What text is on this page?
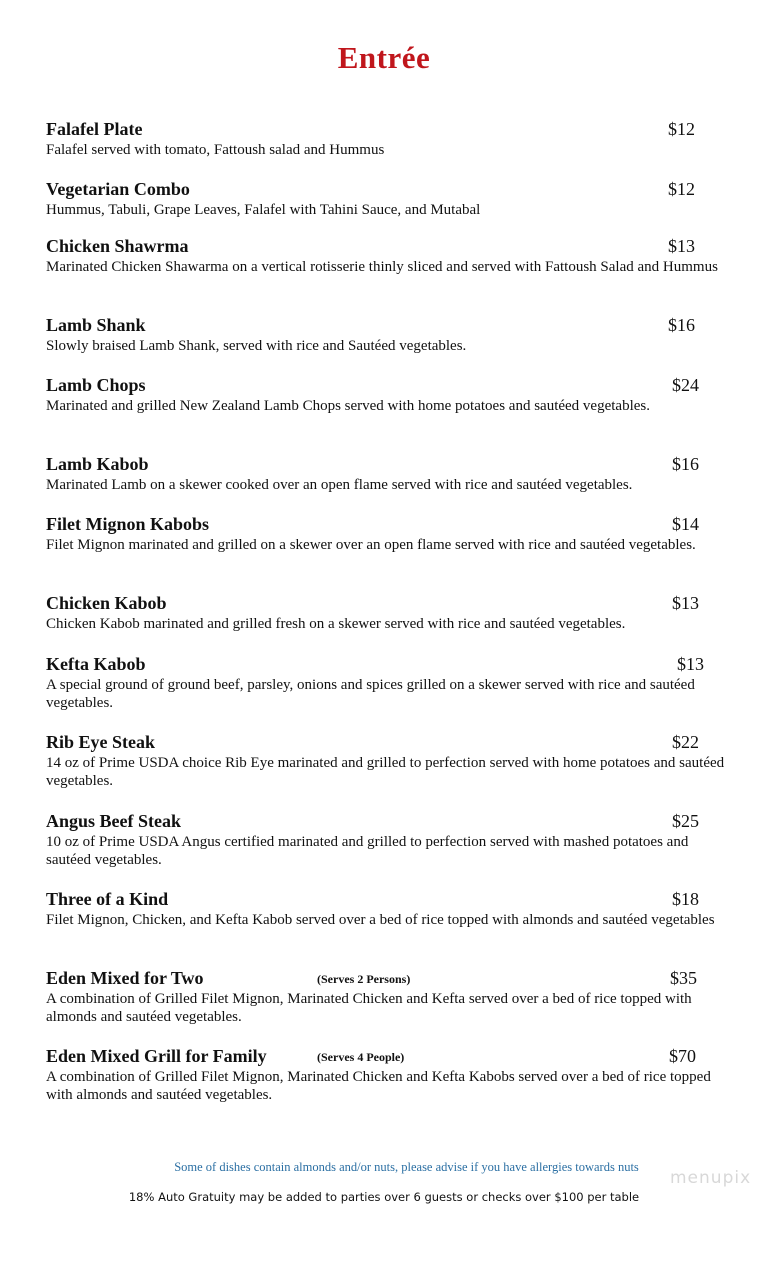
Entrée
Falafel Plate	$12
Falafel served with tomato, Fattoush salad and Hummus
Vegetarian Combo	$12
Hummus, Tabuli, Grape Leaves, Falafel with Tahini Sauce, and Mutabal
Chicken Shawrma	$13
Marinated Chicken Shawarma on a vertical rotisserie thinly sliced and served with Fattoush Salad and Hummus
Lamb Shank	$16
Slowly braised Lamb Shank, served with rice and Sautéed vegetables.
Lamb Chops	$24
Marinated and grilled New Zealand Lamb Chops served with home potatoes and sautéed vegetables.
Lamb Kabob	$16
Marinated Lamb on a skewer cooked over an open flame served with rice and sautéed vegetables.
Filet Mignon Kabobs	$14
Filet Mignon marinated and grilled on a skewer over an open flame served with rice and sautéed vegetables.
Chicken Kabob	$13
Chicken Kabob marinated and grilled fresh on a skewer served with rice and sautéed vegetables.
Kefta Kabob	$13
A special ground of ground beef, parsley, onions and spices grilled on a skewer served with rice and sautéed vegetables.
Rib Eye Steak	$22
14 oz of Prime USDA choice Rib Eye marinated and grilled to perfection served with home potatoes and sautéed vegetables.
Angus Beef Steak	$25
10 oz of Prime USDA Angus certified marinated and grilled to perfection served with mashed potatoes and sautéed vegetables.
Three of a Kind	$18
Filet Mignon, Chicken, and Kefta Kabob served over a bed of rice topped with almonds and sautéed vegetables
Eden Mixed for Two	(Serves 2 Persons)	$35
A combination of Grilled Filet Mignon, Marinated Chicken and Kefta served over a bed of rice topped with almonds and sautéed vegetables.
Eden Mixed Grill for Family	(Serves 4 People)	$70
A combination of Grilled Filet Mignon, Marinated Chicken and Kefta Kabobs served over a bed of rice topped with almonds and sautéed vegetables.
Some of dishes contain almonds and/or nuts, please advise if you have allergies towards nuts
menupix
18% Auto Gratuity may be added to parties over 6 guests or checks over $100 per table
